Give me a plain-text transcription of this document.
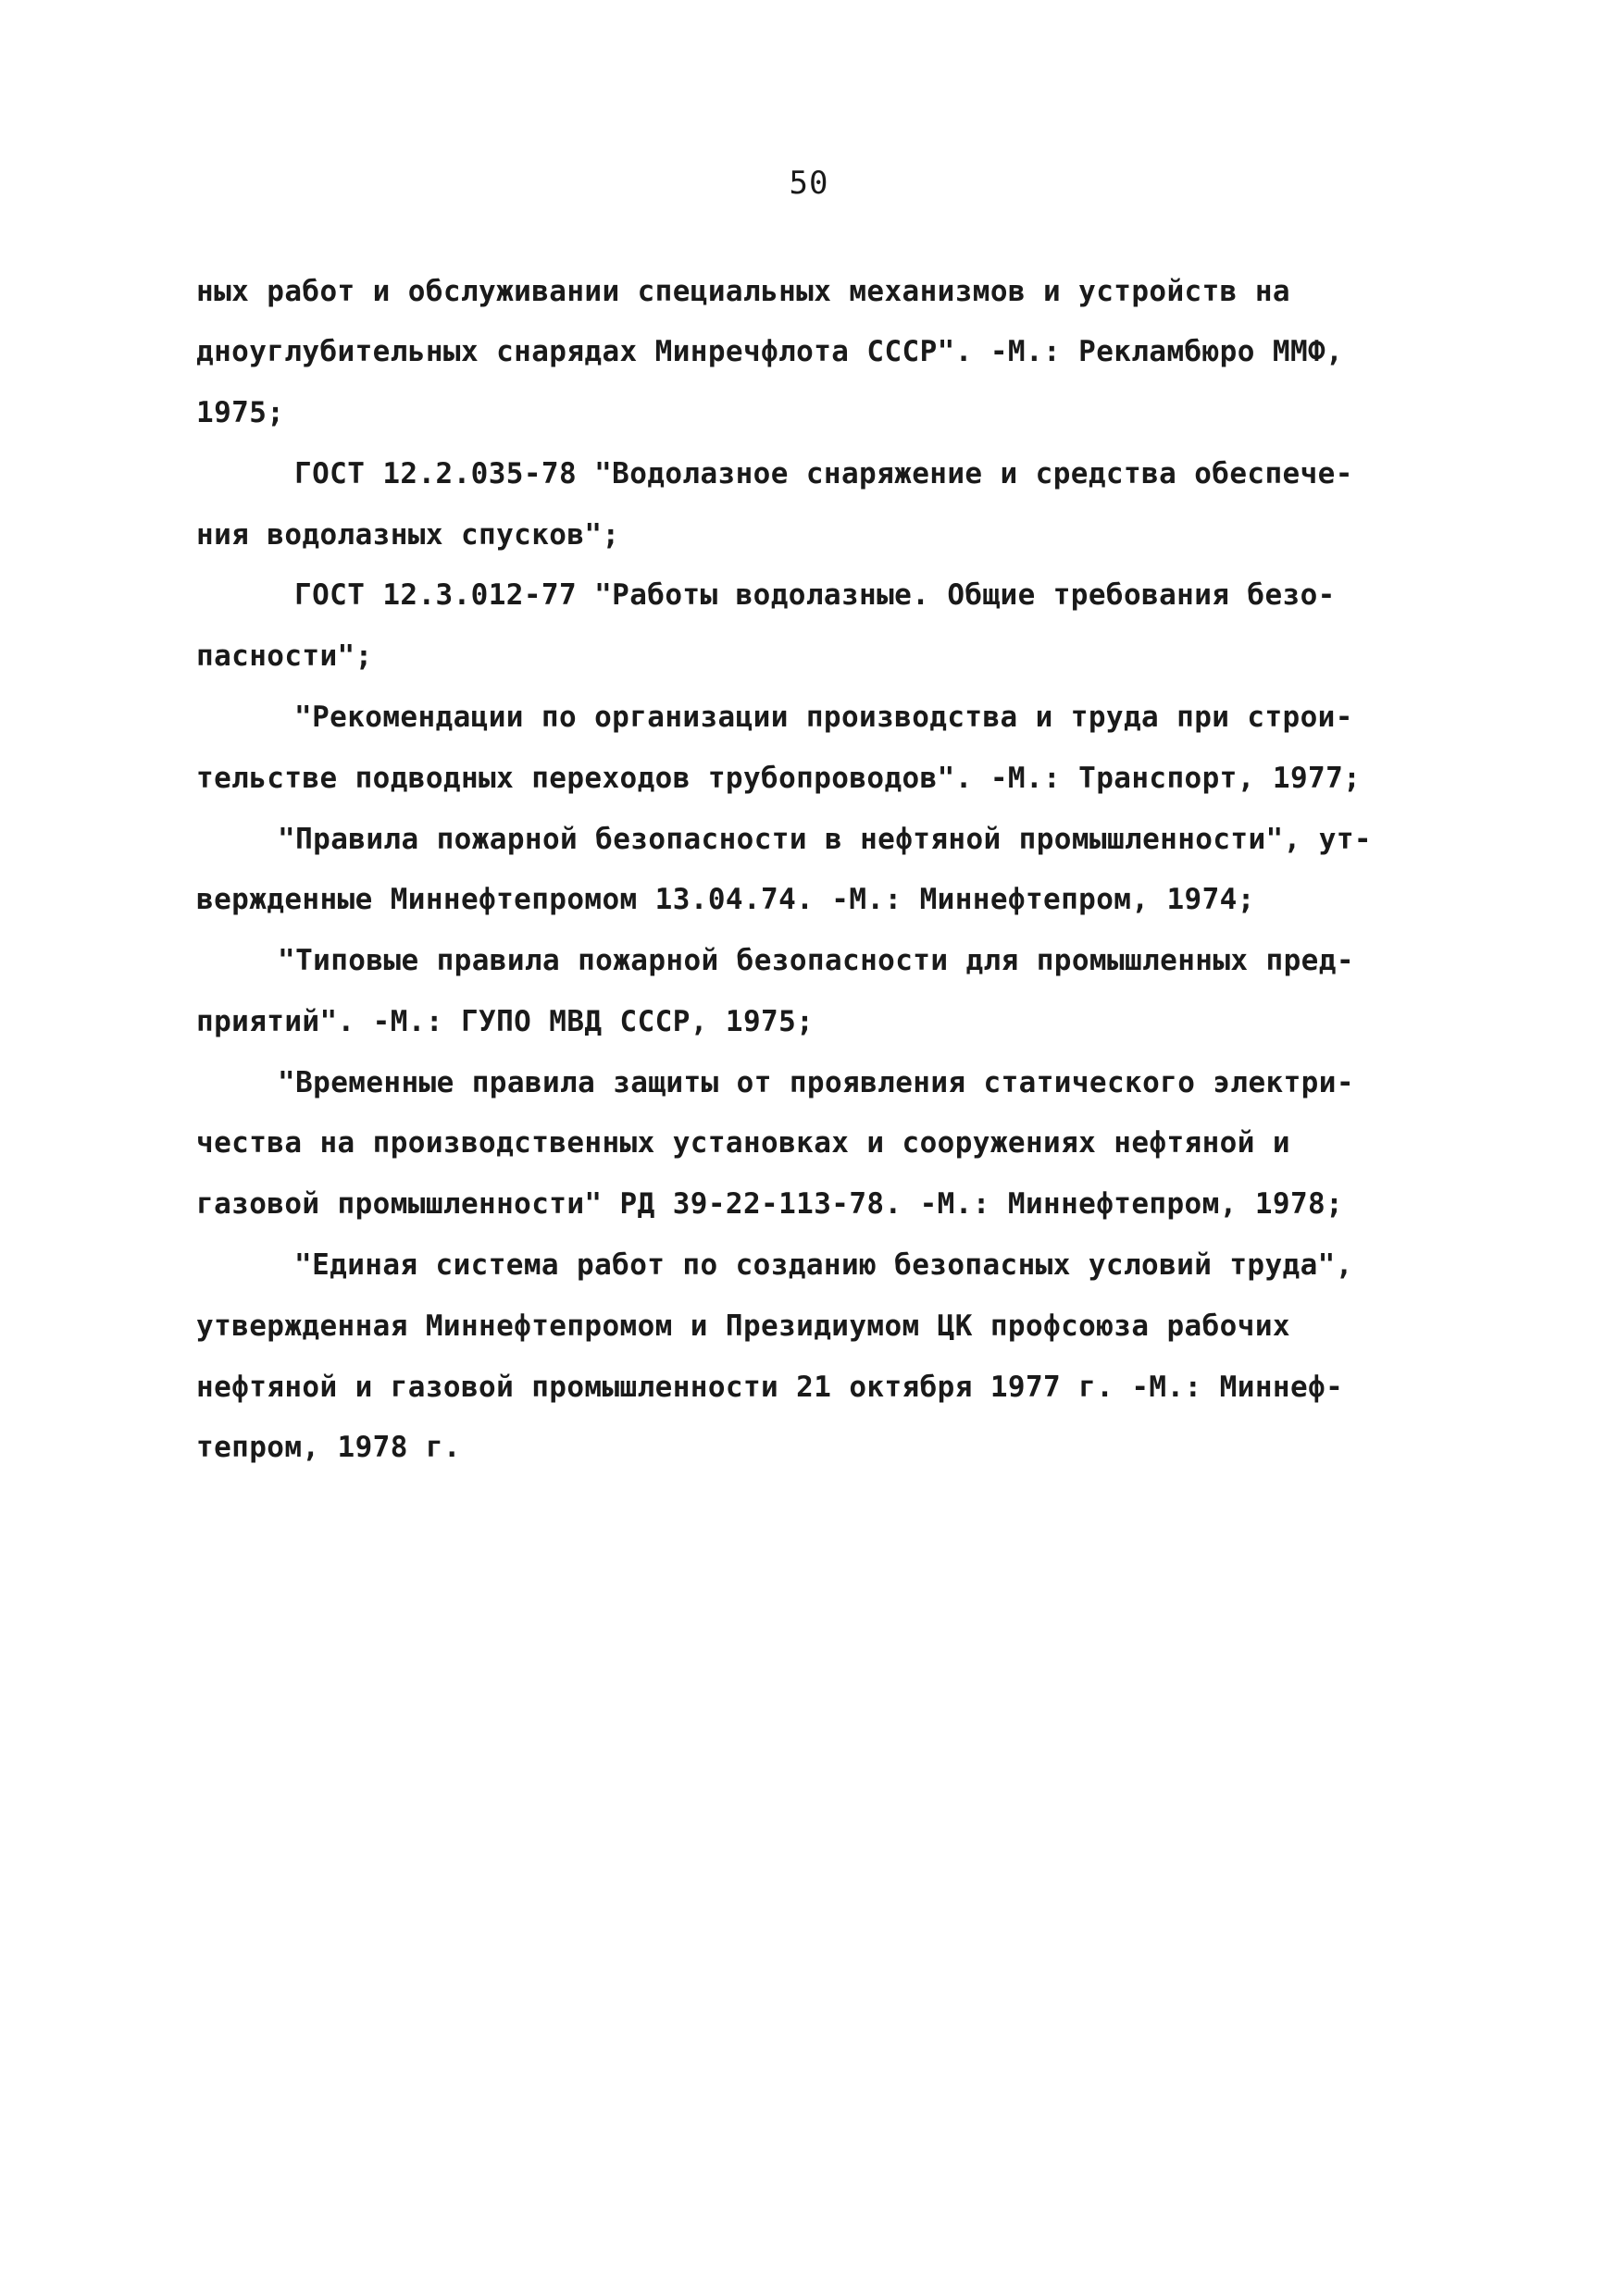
50
ных работ и обслуживании специальных механизмов и устройств на
дноуглубительных снарядах Минречфлота СССР". -М.: Рекламбюро ММФ,
1975;
ГОСТ 12.2.035-78 "Водолазное снаряжение и средства обеспече-
ния водолазных спусков";
ГОСТ 12.3.012-77 "Работы водолазные. Общие требования безо-
пасности";
"Рекомендации по организации производства и труда при строи-
тельстве подводных переходов трубопроводов". -М.: Транспорт, 1977;
"Правила пожарной безопасности в нефтяной промышленности", ут-
вержденные Миннефтепромом 13.04.74. -М.: Миннефтепром, 1974;
"Типовые правила пожарной безопасности для промышленных пред-
приятий". -М.: ГУПО МВД СССР, 1975;
"Временные правила защиты от проявления статического электри-
чества на производственных установках и сооружениях нефтяной и
газовой промышленности" РД 39-22-113-78. -М.: Миннефтепром, 1978;
"Единая система работ по созданию безопасных условий труда",
утвержденная Миннефтепромом и Президиумом ЦК профсоюза рабочих
нефтяной и газовой промышленности 21 октября 1977 г. -М.: Миннеф-
тепром, 1978 г.
